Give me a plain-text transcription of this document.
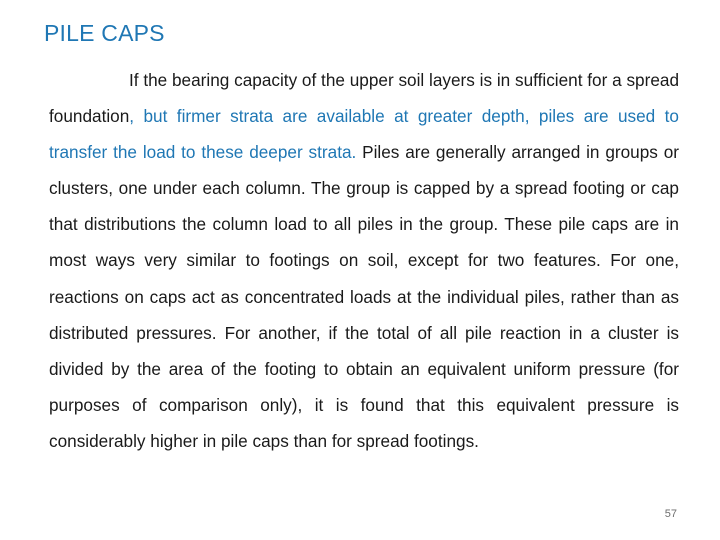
PILE CAPS

If the bearing capacity of the upper soil layers is in sufficient for a spread foundation, but firmer strata are available at greater depth, piles are used to transfer the load to these deeper strata. Piles are generally arranged in groups or clusters, one under each column. The group is capped by a spread footing or cap that distributions the column load to all piles in the group. These pile caps are in most ways very similar to footings on soil, except for two features. For one, reactions on caps act as concentrated loads at the individual piles, rather than as distributed pressures. For another, if the total of all pile reaction in a cluster is divided by the area of the footing to obtain an equivalent uniform pressure (for purposes of comparison only), it is found that this equivalent pressure is considerably higher in pile caps than for spread footings.

57
